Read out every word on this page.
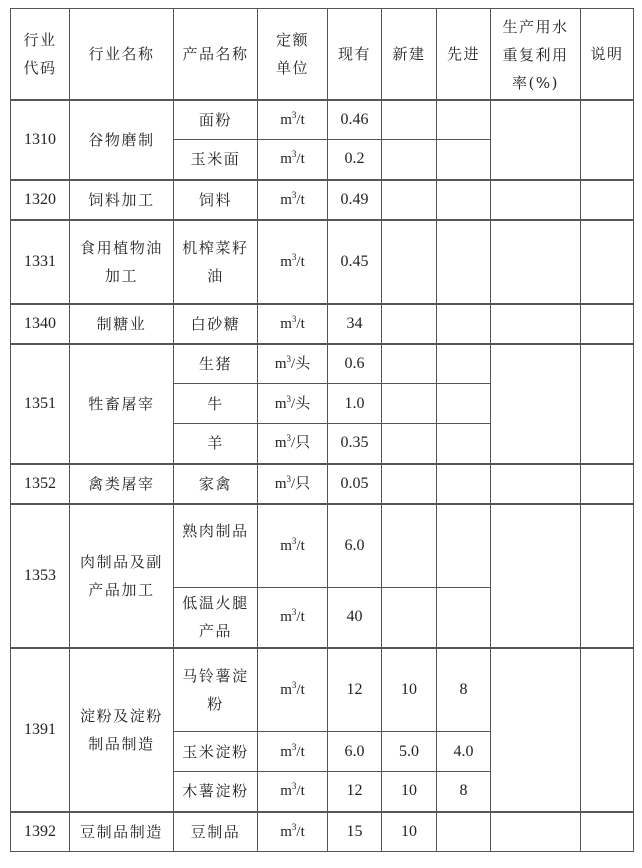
行业代码	行业名称	产品名称	定额单位	现有	新建	先进	生产用水重复利用率(%)	说明
1310	谷物磨制	面粉	$m^3/t$	0.46				
		玉米面	$m^3/t$	0.2				
1320	饲料加工	饲料	$m^3/t$	0.49				
1331	食用植物油加工	机榨菜籽油	$m^3/t$	0.45				
1340	制糖业	白砂糖	$m^3/t$	34				
1351	牲畜屠宰	生猪	$m^3/$头	0.6				
		牛	$m^3/$头	1.0				
		羊	$m^3/$只	0.35				
1352	禽类屠宰	家禽	$m^3/$只	0.05				
1353	肉制品及副产品加工	熟肉制品	$m^3/t$	6.0				

		低温火腿产品	$m^3/t$	40				
1391	淀粉及淀粉制品制造	马铃薯淀粉	$m^3/t$	12	10	8		
		玉米淀粉	$m^3/t$	6.0	5.0	4.0		
		木薯淀粉	$m^3/t$	12	10	8		
1392	豆制品制造	豆制品	$m^3/t$	15	10			
